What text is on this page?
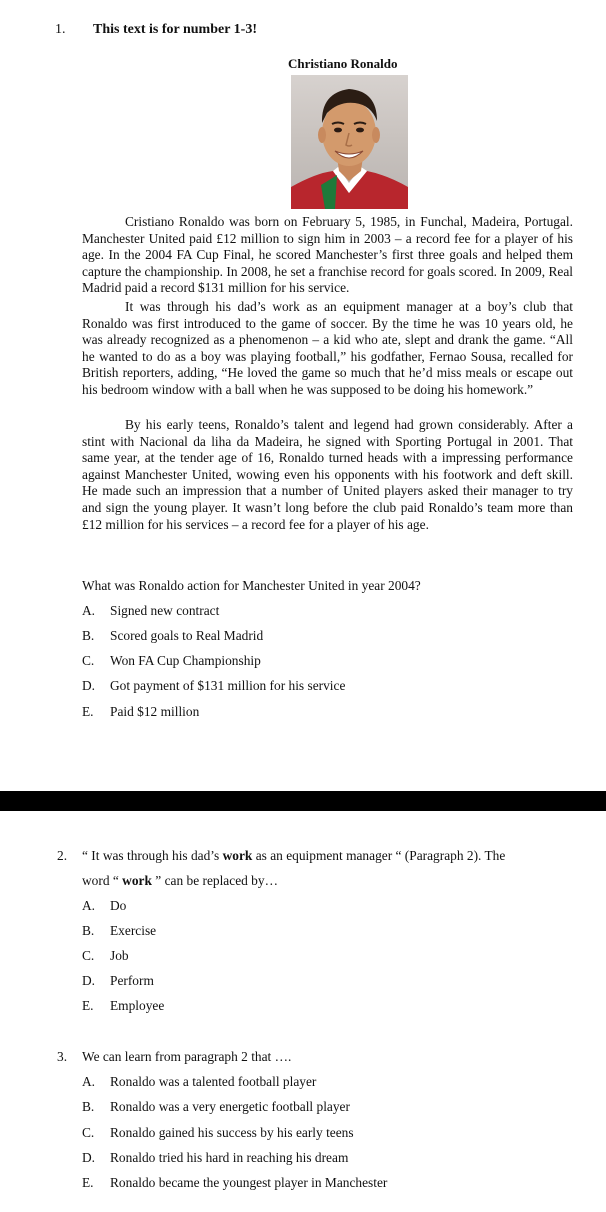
1. This text is for number 1-3!
Christiano Ronaldo

Cristiano Ronaldo was born on February 5, 1985, in Funchal, Madeira, Portugal. Manchester United paid £12 million to sign him in 2003 – a record fee for a player of his age. In the 2004 FA Cup Final, he scored Manchester’s first three goals and helped them capture the championship. In 2008, he set a franchise record for goals scored. In 2009, Real Madrid paid a record $131 million for his service.

It was through his dad’s work as an equipment manager at a boy’s club that Ronaldo was first introduced to the game of soccer. By the time he was 10 years old, he was already recognized as a phenomenon – a kid who ate, slept and drank the game. “All he wanted to do as a boy was playing football,” his godfather, Fernao Sousa, recalled for British reporters, adding, “He loved the game so much that he’d miss meals or escape out his bedroom window with a ball when he was supposed to be doing his homework.”

By his early teens, Ronaldo’s talent and legend had grown considerably. After a stint with Nacional da liha da Madeira, he signed with Sporting Portugal in 2001. That same year, at the tender age of 16, Ronaldo turned heads with a impressing performance against Manchester United, wowing even his opponents with his footwork and deft skill. He made such an impression that a number of United players asked their manager to try and sign the young player. It wasn’t long before the club paid Ronaldo’s team more than £12 million for his services – a record fee for a player of his age.

What was Ronaldo action for Manchester United in year 2004?
A. Signed new contract
B. Scored goals to Real Madrid
C. Won FA Cup Championship
D. Got payment of $131 million for his service
E. Paid $12 million
2. “ It was through his dad’s work as an equipment manager “ (Paragraph 2). The
word “ work ” can be replaced by…
A. Do
B. Exercise
C. Job
D. Perform
E. Employee
3. We can learn from paragraph 2 that ….
A. Ronaldo was a talented football player
B. Ronaldo was a very energetic football player
C. Ronaldo gained his success by his early teens
D. Ronaldo tried his hard in reaching his dream
E. Ronaldo became the youngest player in Manchester
